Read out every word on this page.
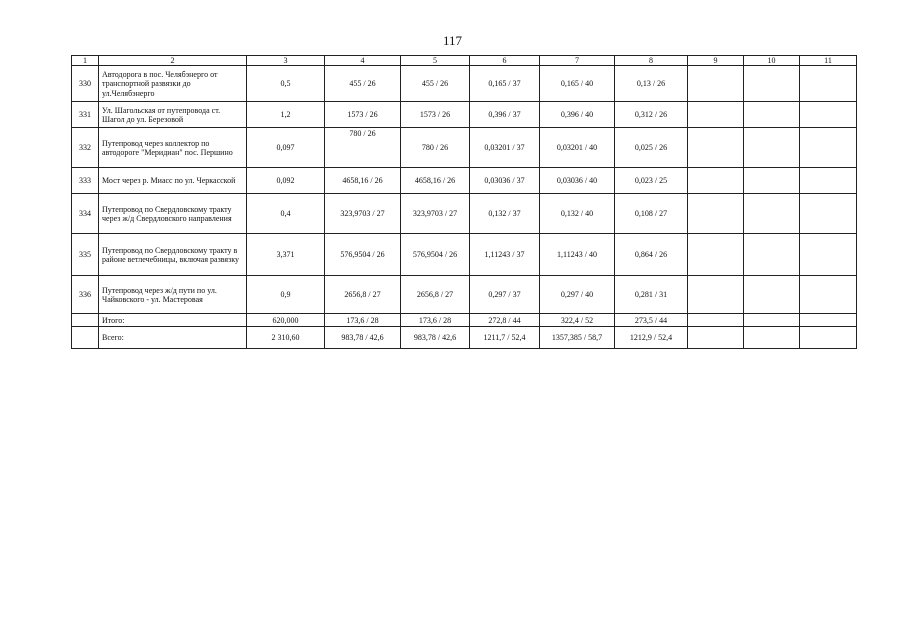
117
1	2	3	4	5	6	7	8	9	10	11
330	Автодорога в пос. Челябэнерго от транспортной развязки до ул.Челябэнерго	0,5	455 / 26	455 / 26	0,165 / 37	0,165 / 40	0,13 / 26			
331	Ул. Шагольская от путепровода ст. Шагол до ул. Березовой	1,2	1573 / 26	1573 / 26	0,396 / 37	0,396 / 40	0,312 / 26			
332	Путепровод через коллектор по автодороге "Меридиан" пос. Першино	0,097	780 / 26	780 / 26	0,03201 / 37	0,03201 / 40	0,025 / 26			
333	Мост через р. Миасс по ул. Черкасской	0,092	4658,16 / 26	4658,16 / 26	0,03036 / 37	0,03036 / 40	0,023 / 25			
334	Путепровод по Свердловскому тракту через ж/д Свердловского направления	0,4	323,9703 / 27	323,9703 / 27	0,132 / 37	0,132 / 40	0,108 / 27			
335	Путепровод по Свердловскому тракту в районе ветлечебницы, включая развязку	3,371	576,9504 / 26	576,9504 / 26	1,11243 / 37	1,11243 / 40	0,864 / 26			
336	Путепровод через ж/д пути по ул. Чайковского - ул. Мастеровая	0,9	2656,8 / 27	2656,8 / 27	0,297 / 37	0,297 / 40	0,281 / 31			
	Итого:	620,000	173,6 / 28	173,6 / 28	272,8 / 44	322,4 / 52	273,5 / 44			
	Всего:	2 310,60	983,78 / 42,6	983,78 / 42,6	1211,7 / 52,4	1357,385 / 58,7	1212,9 / 52,4			
